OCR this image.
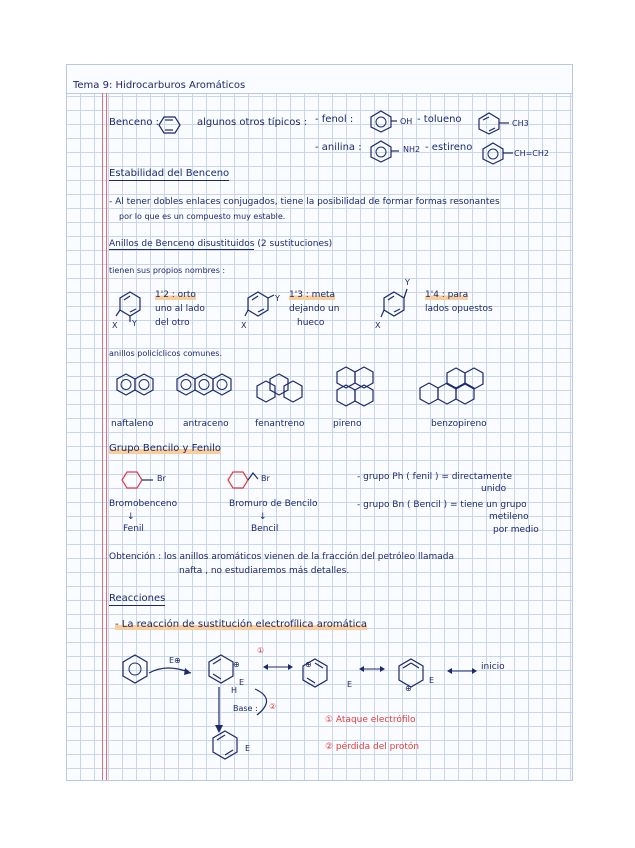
Tema 9: Hidrocarburos Aromáticos
Benceno :	algunos otros típicos : - fenol :	OH - tolueno	CH3
- anilina :	NH2 - estireno
CH=CH2
Estabilidad del Benceno
- Al tener dobles enlaces conjugados, tiene la posibilidad de formar formas resonantes
por lo que es un compuesto muy estable.
Anillos de Benceno disustituidos (2 sustituciones)
tienen sus propios nombres :
X Y
1'2 : orto
uno al lado
del otro
Y
X
1'3 : meta
dejando un
hueco
Y
X
1'4 : para
lados opuestos
anillos policíclicos comunes.
naftaleno	antraceno	fenantreno	pireno	benzopireno
Grupo Bencilo y Fenilo
Br
Bromobenceno
↓
Fenil
Br
Bromuro de Bencilo
↓
Bencil
- grupo Ph ( fenil ) = directamente
unido
- grupo Bn ( Bencil ) = tiene un grupo
metileno
por medio
Obtención : los anillos aromáticos vienen de la fracción del petróleo llamada
nafta , no estudiaremos más detalles.
Reacciones
- La reacción de sustitución electrofílica aromática
E⊕
①
⊕
E
H
⊕
E	E
⊕
inicio
Base : ②
E
① Ataque electrófilo
② pérdida del protón
